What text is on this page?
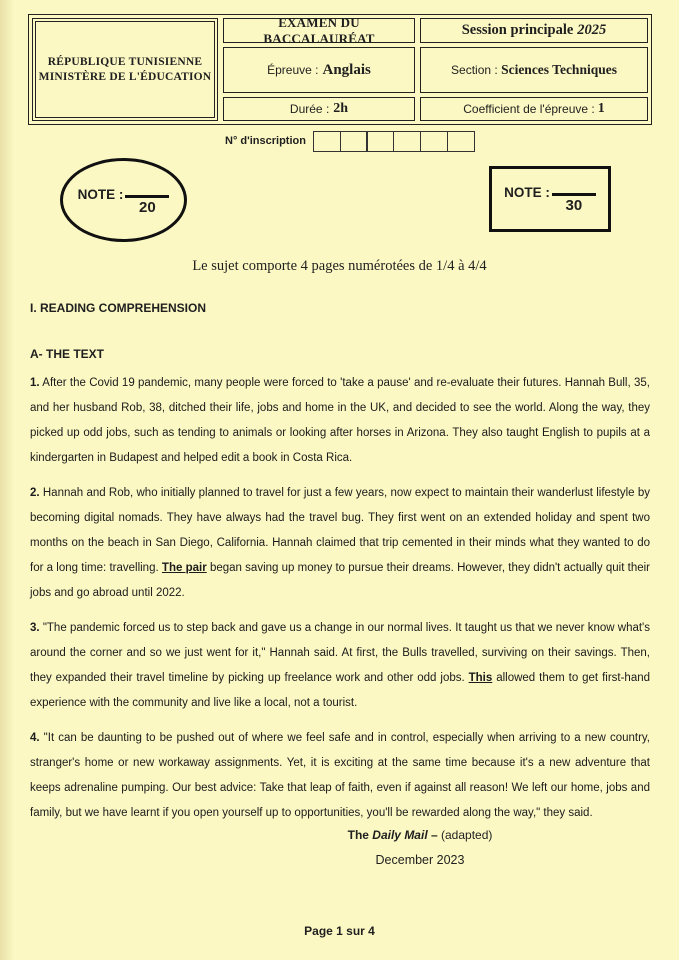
RÉPUBLIQUE TUNISIENNE
MINISTÈRE DE L'ÉDUCATION
EXAMEN DU BACCALAURÉAT
Épreuve : Anglais
Durée : 2h
Session principale 2025
Section : Sciences Techniques
Coefficient de l'épreuve : 1
N° d'inscription
NOTE :
20
NOTE :
30
Le sujet comporte 4 pages numérotées de 1/4 à 4/4
I. READING COMPREHENSION
A- THE TEXT

1. After the Covid 19 pandemic, many people were forced to 'take a pause' and re-evaluate their futures. Hannah Bull, 35, and her husband Rob, 38, ditched their life, jobs and home in the UK, and decided to see the world. Along the way, they picked up odd jobs, such as tending to animals or looking after horses in Arizona. They also taught English to pupils at a kindergarten in Budapest and helped edit a book in Costa Rica.

2. Hannah and Rob, who initially planned to travel for just a few years, now expect to maintain their wanderlust lifestyle by becoming digital nomads. They have always had the travel bug. They first went on an extended holiday and spent two months on the beach in San Diego, California. Hannah claimed that trip cemented in their minds what they wanted to do for a long time: travelling. The pair began saving up money to pursue their dreams. However, they didn't actually quit their jobs and go abroad until 2022.

3. "The pandemic forced us to step back and gave us a change in our normal lives. It taught us that we never know what's around the corner and so we just went for it," Hannah said. At first, the Bulls travelled, surviving on their savings. Then, they expanded their travel timeline by picking up freelance work and other odd jobs. This allowed them to get first-hand experience with the community and live like a local, not a tourist.

4. "It can be daunting to be pushed out of where we feel safe and in control, especially when arriving to a new country, stranger's home or new workaway assignments. Yet, it is exciting at the same time because it's a new adventure that keeps adrenaline pumping. Our best advice: Take that leap of faith, even if against all reason! We left our home, jobs and family, but we have learnt if you open yourself up to opportunities, you'll be rewarded along the way," they said.

The Daily Mail – (adapted)
December 2023
Page 1 sur 4
